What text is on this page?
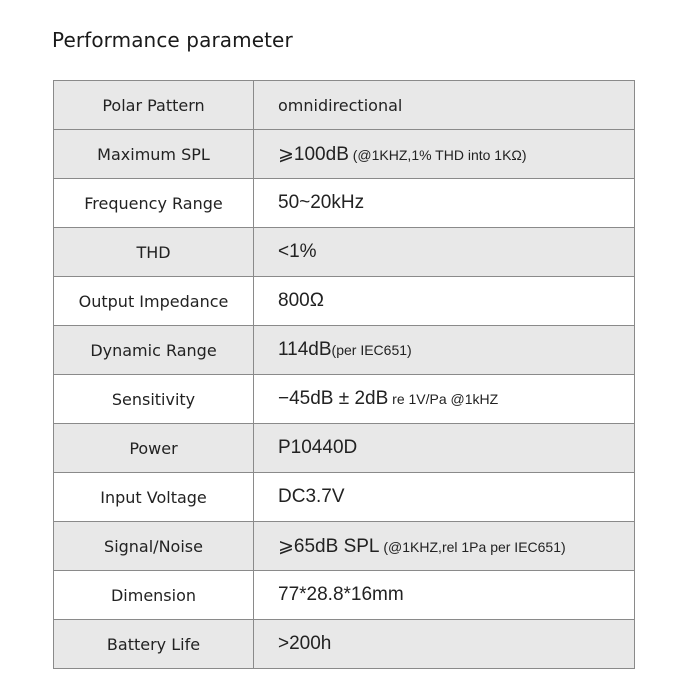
Performance parameter
Polar Pattern	omnidirectional
Maximum SPL	⩾100dB (@1KHZ,1% THD into 1KΩ)
Frequency Range	50~20kHz
THD	<1%
Output Impedance	800Ω
Dynamic Range	114dB(per IEC651)
Sensitivity	−45dB ± 2dB re 1V/Pa @1kHZ
Power	P10440D
Input Voltage	DC3.7V
Signal/Noise	⩾65dB SPL (@1KHZ,rel 1Pa per IEC651)
Dimension	77*28.8*16mm
Battery Life	>200h
